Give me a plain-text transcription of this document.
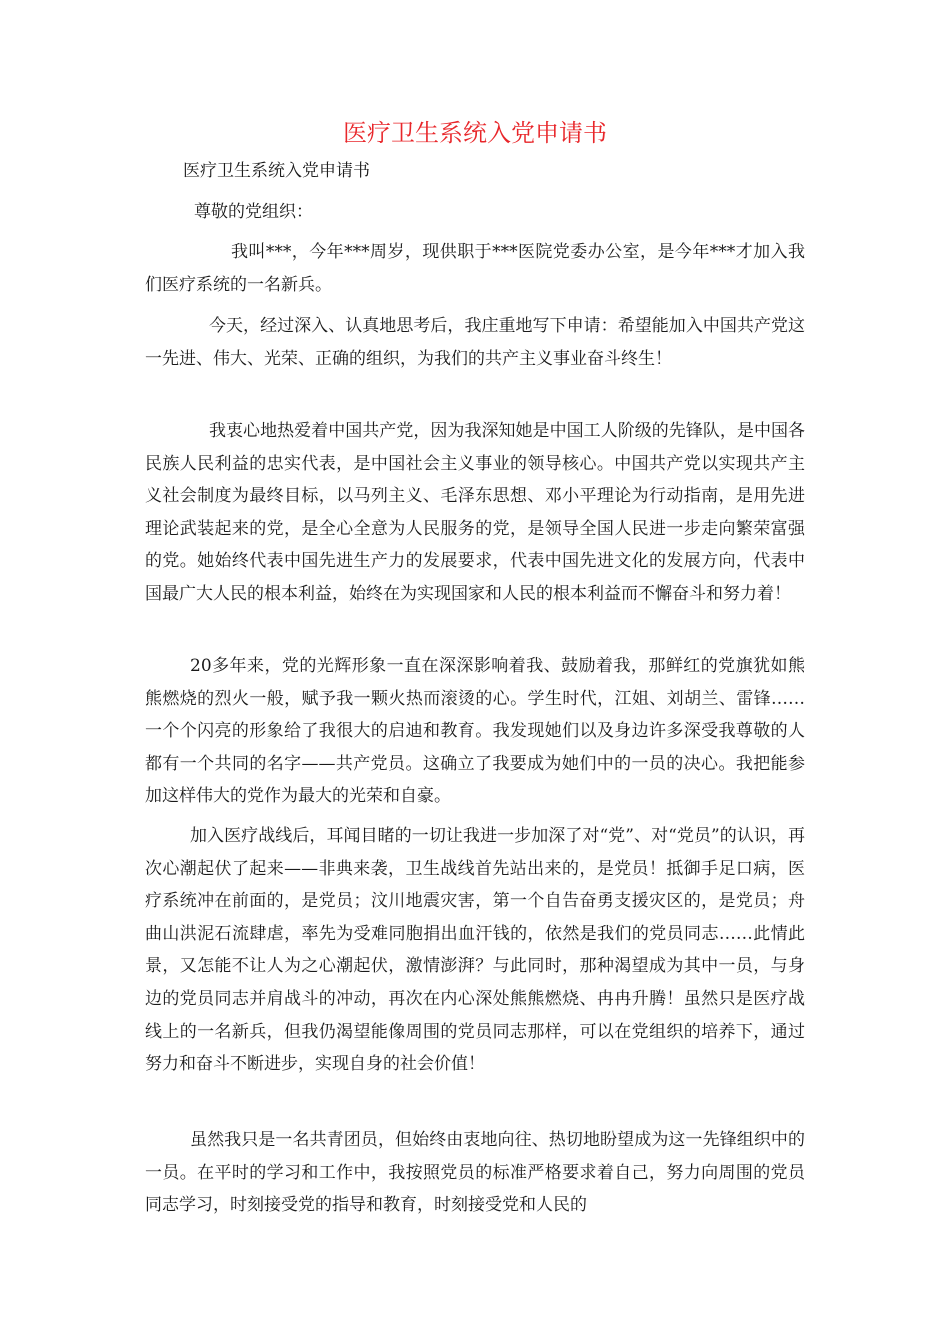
医疗卫生系统入党申请书
医疗卫生系统入党申请书
尊敬的党组织：
我叫***，今年***周岁，现供职于***医院党委办公室，是今年***才加入我们医疗系统的一名新兵。
今天，经过深入、认真地思考后，我庄重地写下申请：希望能加入中国共产党这一先进、伟大、光荣、正确的组织，为我们的共产主义事业奋斗终生！
我衷心地热爱着中国共产党，因为我深知她是中国工人阶级的先锋队，是中国各民族人民利益的忠实代表，是中国社会主义事业的领导核心。中国共产党以实现共产主义社会制度为最终目标，以马列主义、毛泽东思想、邓小平理论为行动指南，是用先进理论武装起来的党，是全心全意为人民服务的党，是领导全国人民进一步走向繁荣富强的党。她始终代表中国先进生产力的发展要求，代表中国先进文化的发展方向，代表中国最广大人民的根本利益，始终在为实现国家和人民的根本利益而不懈奋斗和努力着！
20多年来，党的光辉形象一直在深深影响着我、鼓励着我，那鲜红的党旗犹如熊熊燃烧的烈火一般，赋予我一颗火热而滚烫的心。学生时代，江姐、刘胡兰、雷锋……一个个闪亮的形象给了我很大的启迪和教育。我发现她们以及身边许多深受我尊敬的人都有一个共同的名字——共产党员。这确立了我要成为她们中的一员的决心。我把能参加这样伟大的党作为最大的光荣和自豪。
加入医疗战线后，耳闻目睹的一切让我进一步加深了对“党”、对“党员”的认识，再次心潮起伏了起来——非典来袭，卫生战线首先站出来的，是党员！抵御手足口病，医疗系统冲在前面的，是党员；汶川地震灾害，第一个自告奋勇支援灾区的，是党员；舟曲山洪泥石流肆虐，率先为受难同胞捐出血汗钱的，依然是我们的党员同志……此情此景，又怎能不让人为之心潮起伏，激情澎湃？与此同时，那种渴望成为其中一员，与身边的党员同志并肩战斗的冲动，再次在内心深处熊熊燃烧、冉冉升腾！虽然只是医疗战线上的一名新兵，但我仍渴望能像周围的党员同志那样，可以在党组织的培养下，通过努力和奋斗不断进步，实现自身的社会价值！
虽然我只是一名共青团员，但始终由衷地向往、热切地盼望成为这一先锋组织中的一员。在平时的学习和工作中，我按照党员的标准严格要求着自己，努力向周围的党员同志学习，时刻接受党的指导和教育，时刻接受党和人民的
